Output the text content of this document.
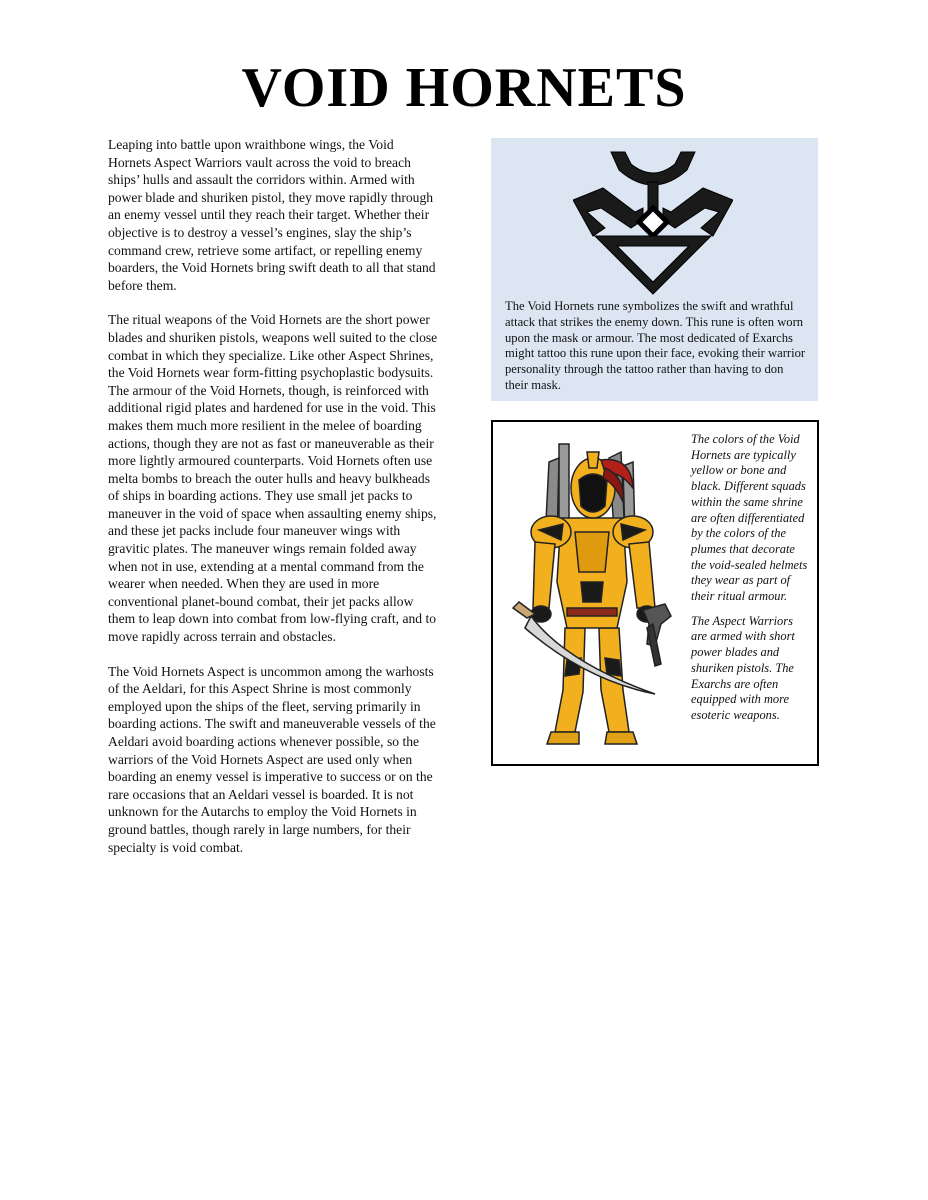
VOID HORNETS

Leaping into battle upon wraithbone wings, the Void Hornets Aspect Warriors vault across the void to breach ships’ hulls and assault the corridors within. Armed with power blade and shuriken pistol, they move rapidly through an enemy vessel until they reach their target. Whether their objective is to destroy a vessel’s engines, slay the ship’s command crew, retrieve some artifact, or repelling enemy boarders, the Void Hornets bring swift death to all that stand before them.

The ritual weapons of the Void Hornets are the short power blades and shuriken pistols, weapons well suited to the close combat in which they specialize. Like other Aspect Shrines, the Void Hornets wear form-fitting psychoplastic bodysuits. The armour of the Void Hornets, though, is reinforced with additional rigid plates and hardened for use in the void. This makes them much more resilient in the melee of boarding actions, though they are not as fast or maneuverable as their more lightly armoured counterparts. Void Hornets often use melta bombs to breach the outer hulls and heavy bulkheads of ships in boarding actions. They use small jet packs to maneuver in the void of space when assaulting enemy ships, and these jet packs include four maneuver wings with gravitic plates. The maneuver wings remain folded away when not in use, extending at a mental command from the wearer when needed. When they are used in more conventional planet-bound combat, their jet packs allow them to leap down into combat from low-flying craft, and to move rapidly across terrain and obstacles.

The Void Hornets Aspect is uncommon among the warhosts of the Aeldari, for this Aspect Shrine is most commonly employed upon the ships of the fleet, serving primarily in boarding actions. The swift and maneuverable vessels of the Aeldari avoid boarding actions whenever possible, so the warriors of the Void Hornets Aspect are used only when boarding an enemy vessel is imperative to success or on the rare occasions that an Aeldari vessel is boarded. It is not unknown for the Autarchs to employ the Void Hornets in ground battles, though rarely in large numbers, for their specialty is void combat.

The Void Hornets rune symbolizes the swift and wrathful attack that strikes the enemy down. This rune is often worn upon the mask or armour. The most dedicated of Exarchs might tattoo this rune upon their face, evoking their warrior personality through the tattoo rather than having to don their mask.

The colors of the Void Hornets are typically yellow or bone and black. Different squads within the same shrine are often differentiated by the colors of the plumes that decorate the void-sealed helmets they wear as part of their ritual armour.

The Aspect Warriors are armed with short power blades and shuriken pistols. The Exarchs are often equipped with more esoteric weapons.
